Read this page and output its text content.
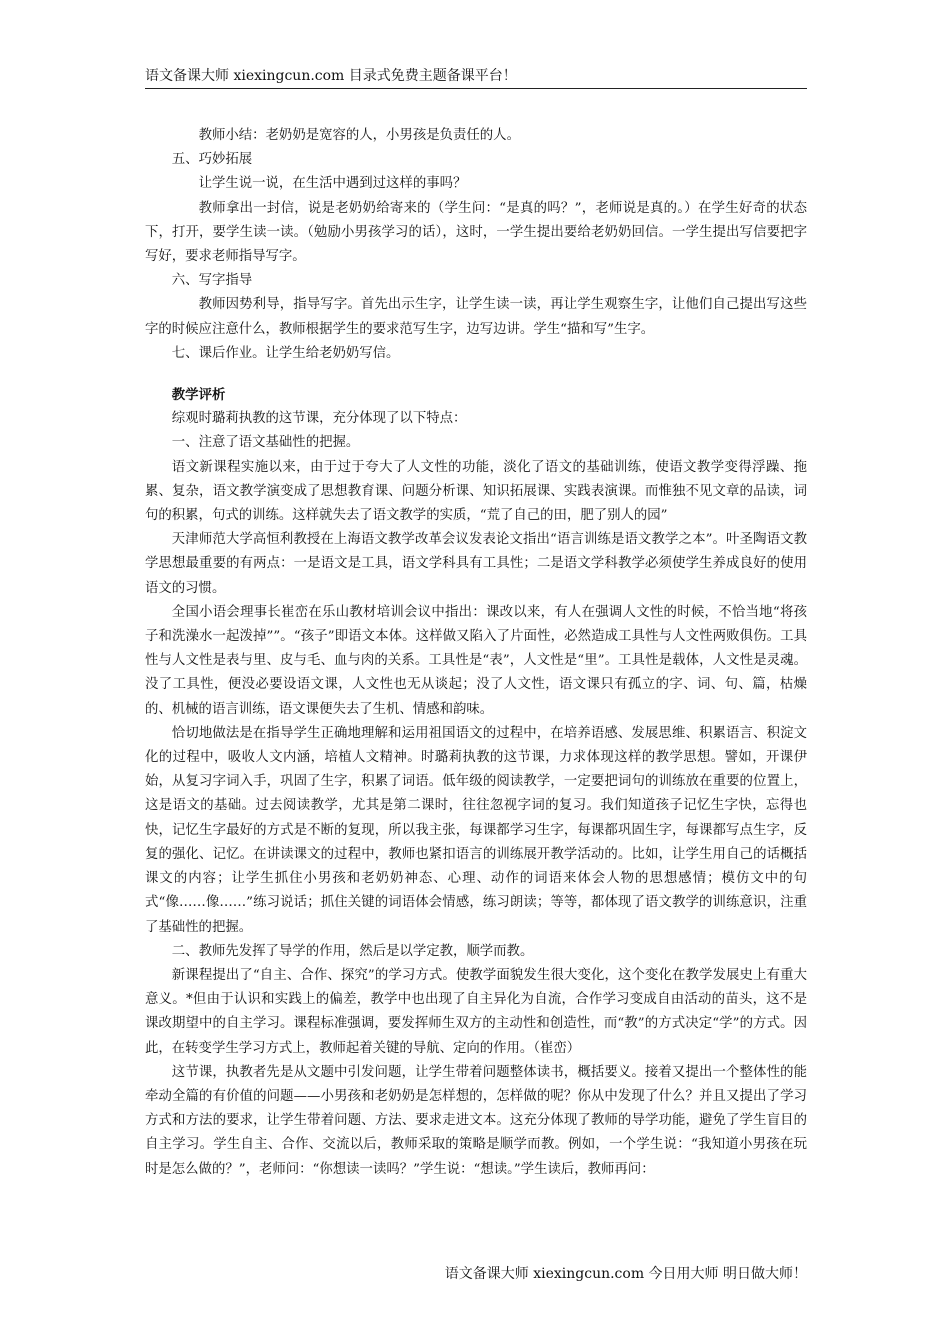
语文备课大师 xiexingcun.com 目录式免费主题备课平台！

教师小结：老奶奶是宽容的人，小男孩是负责任的人。

五、巧妙拓展

让学生说一说，在生活中遇到过这样的事吗？

教师拿出一封信，说是老奶奶给寄来的（学生问：“是真的吗？”，老师说是真的。）在学生好奇的状态下，打开，要学生读一读。（勉励小男孩学习的话），这时，一学生提出要给老奶奶回信。一学生提出写信要把字写好，要求老师指导写字。

六、写字指导

教师因势利导，指导写字。首先出示生字，让学生读一读，再让学生观察生字，让他们自己提出写这些字的时候应注意什么，教师根据学生的要求范写生字，边写边讲。学生“描和写”生字。

七、课后作业。让学生给老奶奶写信。

教学评析

综观时璐莉执教的这节课，充分体现了以下特点：

一、注意了语文基础性的把握。

语文新课程实施以来，由于过于夸大了人文性的功能，淡化了语文的基础训练，使语文教学变得浮躁、拖累、复杂，语文教学演变成了思想教育课、问题分析课、知识拓展课、实践表演课。而惟独不见文章的品读，词句的积累，句式的训练。这样就失去了语文教学的实质，“荒了自己的田，肥了别人的园”

天津师范大学高恒利教授在上海语文教学改革会议发表论文指出“语言训练是语文教学之本”。叶圣陶语文教学思想最重要的有两点：一是语文是工具，语文学科具有工具性；二是语文学科教学必须使学生养成良好的使用语文的习惯。

全国小语会理事长崔峦在乐山教材培训会议中指出：课改以来，有人在强调人文性的时候，不恰当地“将孩子和洗澡水一起泼掉””。“孩子”即语文本体。这样做又陷入了片面性，必然造成工具性与人文性两败俱伤。工具性与人文性是表与里、皮与毛、血与肉的关系。工具性是“表”，人文性是“里”。工具性是载体，人文性是灵魂。没了工具性，便没必要设语文课，人文性也无从谈起；没了人文性，语文课只有孤立的字、词、句、篇，枯燥的、机械的语言训练，语文课便失去了生机、情感和韵味。

恰切地做法是在指导学生正确地理解和运用祖国语文的过程中，在培养语感、发展思维、积累语言、积淀文化的过程中，吸收人文内涵，培植人文精神。时璐莉执教的这节课，力求体现这样的教学思想。譬如，开课伊始，从复习字词入手，巩固了生字，积累了词语。低年级的阅读教学，一定要把词句的训练放在重要的位置上，这是语文的基础。过去阅读教学，尤其是第二课时，往往忽视字词的复习。我们知道孩子记忆生字快，忘得也快，记忆生字最好的方式是不断的复现，所以我主张，每课都学习生字，每课都巩固生字，每课都写点生字，反复的强化、记忆。在讲读课文的过程中，教师也紧扣语言的训练展开教学活动的。比如，让学生用自己的话概括课文的内容；让学生抓住小男孩和老奶奶神态、心理、动作的词语来体会人物的思想感情；模仿文中的句式“像……像……”练习说话；抓住关键的词语体会情感，练习朗读；等等，都体现了语文教学的训练意识，注重了基础性的把握。

二、教师先发挥了导学的作用，然后是以学定教，顺学而教。

新课程提出了“自主、合作、探究”的学习方式。使教学面貌发生很大变化，这个变化在教学发展史上有重大意义。*但由于认识和实践上的偏差，教学中也出现了自主异化为自流，合作学习变成自由活动的苗头，这不是课改期望中的自主学习。课程标准强调，要发挥师生双方的主动性和创造性，而“教”的方式决定“学”的方式。因此，在转变学生学习方式上，教师起着关键的导航、定向的作用。（崔峦）

这节课，执教者先是从文题中引发问题，让学生带着问题整体读书，概括要义。接着又提出一个整体性的能牵动全篇的有价值的问题——小男孩和老奶奶是怎样想的，怎样做的呢？你从中发现了什么？并且又提出了学习方式和方法的要求，让学生带着问题、方法、要求走进文本。这充分体现了教师的导学功能，避免了学生盲目的自主学习。学生自主、合作、交流以后，教师采取的策略是顺学而教。例如，一个学生说：“我知道小男孩在玩时是怎么做的？”，老师问：“你想读一读吗？”学生说：“想读。”学生读后，教师再问：

语文备课大师 xiexingcun.com 今日用大师 明日做大师！
